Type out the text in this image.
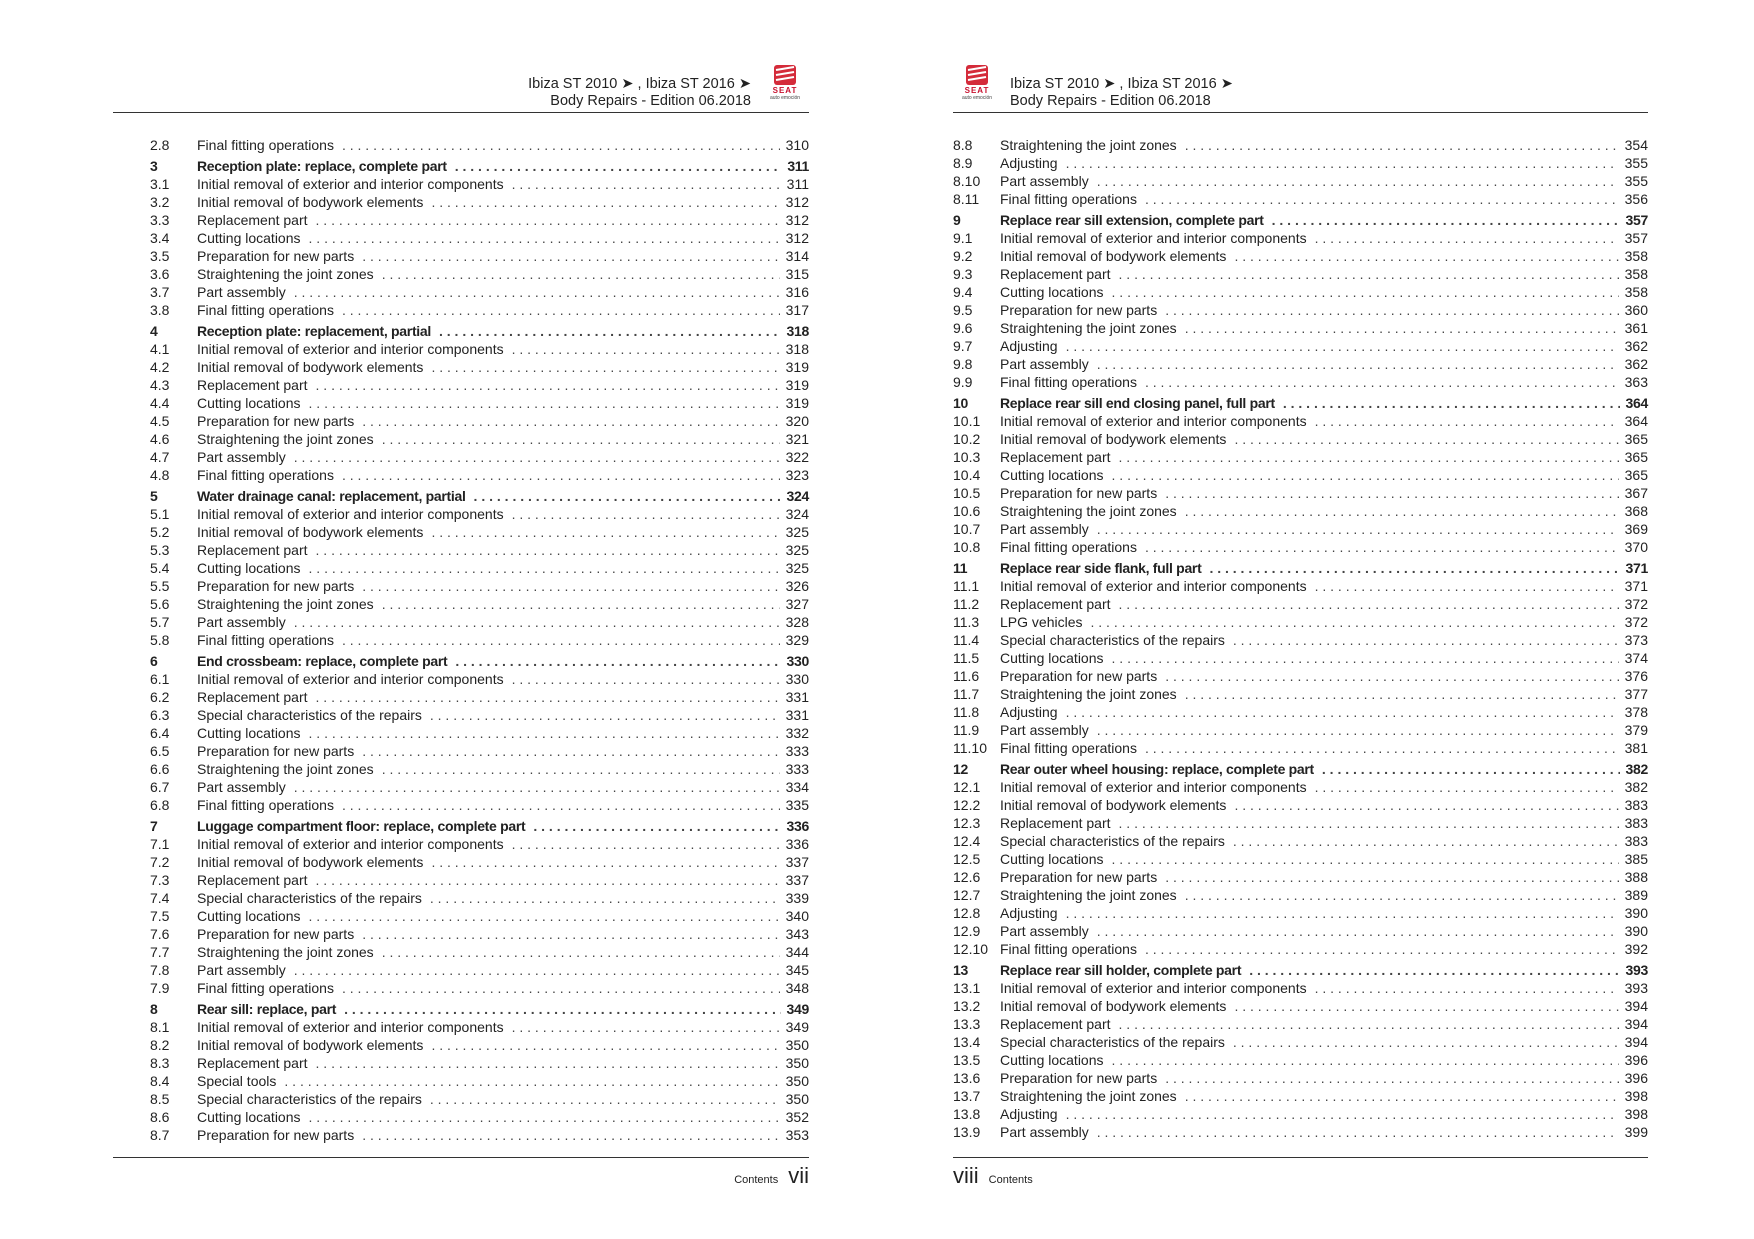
Ibiza ST 2010 ➤ , Ibiza ST 2016 ➤
Body Repairs - Edition 06.2018
SEAT
auto emoción
2.8	Final fitting operations . . .	310
3	Reception plate: replace, complete part . . .	311
3.1	Initial removal of exterior and interior components . . .	311
3.2	Initial removal of bodywork elements . . .	312
3.3	Replacement part . . .	312
3.4	Cutting locations . . .	312
3.5	Preparation for new parts . . .	314
3.6	Straightening the joint zones . . .	315
3.7	Part assembly . . .	316
3.8	Final fitting operations . . .	317
4	Reception plate: replacement, partial . . .	318
4.1	Initial removal of exterior and interior components . . .	318
4.2	Initial removal of bodywork elements . . .	319
4.3	Replacement part . . .	319
4.4	Cutting locations . . .	319
4.5	Preparation for new parts . . .	320
4.6	Straightening the joint zones . . .	321
4.7	Part assembly . . .	322
4.8	Final fitting operations . . .	323
5	Water drainage canal: replacement, partial . . .	324
5.1	Initial removal of exterior and interior components . . .	324
5.2	Initial removal of bodywork elements . . .	325
5.3	Replacement part . . .	325
5.4	Cutting locations . . .	325
5.5	Preparation for new parts . . .	326
5.6	Straightening the joint zones . . .	327
5.7	Part assembly . . .	328
5.8	Final fitting operations . . .	329
6	End crossbeam: replace, complete part . . .	330
6.1	Initial removal of exterior and interior components . . .	330
6.2	Replacement part . . .	331
6.3	Special characteristics of the repairs . . .	331
6.4	Cutting locations . . .	332
6.5	Preparation for new parts . . .	333
6.6	Straightening the joint zones . . .	333
6.7	Part assembly . . .	334
6.8	Final fitting operations . . .	335
7	Luggage compartment floor: replace, complete part . . .	336
7.1	Initial removal of exterior and interior components . . .	336
7.2	Initial removal of bodywork elements . . .	337
7.3	Replacement part . . .	337
7.4	Special characteristics of the repairs . . .	339
7.5	Cutting locations . . .	340
7.6	Preparation for new parts . . .	343
7.7	Straightening the joint zones . . .	344
7.8	Part assembly . . .	345
7.9	Final fitting operations . . .	348
8	Rear sill: replace, part . . .	349
8.1	Initial removal of exterior and interior components . . .	349
8.2	Initial removal of bodywork elements . . .	350
8.3	Replacement part . . .	350
8.4	Special tools . . .	350
8.5	Special characteristics of the repairs . . .	350
8.6	Cutting locations . . .	352
8.7	Preparation for new parts . . .	353
Contents vii
SEAT
auto emoción
Ibiza ST 2010 ➤ , Ibiza ST 2016 ➤
Body Repairs - Edition 06.2018
8.8	Straightening the joint zones . . .	354
8.9	Adjusting . . .	355
8.10	Part assembly . . .	355
8.11	Final fitting operations . . .	356
9	Replace rear sill extension, complete part . . .	357
9.1	Initial removal of exterior and interior components . . .	357
9.2	Initial removal of bodywork elements . . .	358
9.3	Replacement part . . .	358
9.4	Cutting locations . . .	358
9.5	Preparation for new parts . . .	360
9.6	Straightening the joint zones . . .	361
9.7	Adjusting . . .	362
9.8	Part assembly . . .	362
9.9	Final fitting operations . . .	363
10	Replace rear sill end closing panel, full part . . .	364
10.1	Initial removal of exterior and interior components . . .	364
10.2	Initial removal of bodywork elements . . .	365
10.3	Replacement part . . .	365
10.4	Cutting locations . . .	365
10.5	Preparation for new parts . . .	367
10.6	Straightening the joint zones . . .	368
10.7	Part assembly . . .	369
10.8	Final fitting operations . . .	370
11	Replace rear side flank, full part . . .	371
11.1	Initial removal of exterior and interior components . . .	371
11.2	Replacement part . . .	372
11.3	LPG vehicles . . .	372
11.4	Special characteristics of the repairs . . .	373
11.5	Cutting locations . . .	374
11.6	Preparation for new parts . . .	376
11.7	Straightening the joint zones . . .	377
11.8	Adjusting . . .	378
11.9	Part assembly . . .	379
11.10 Final fitting operations . . .	381
12	Rear outer wheel housing: replace, complete part . . .	382
12.1	Initial removal of exterior and interior components . . .	382
12.2	Initial removal of bodywork elements . . .	383
12.3	Replacement part . . .	383
12.4	Special characteristics of the repairs . . .	383
12.5	Cutting locations . . .	385
12.6	Preparation for new parts . . .	388
12.7	Straightening the joint zones . . .	389
12.8	Adjusting . . .	390
12.9	Part assembly . . .	390
12.10 Final fitting operations . . .	392
13	Replace rear sill holder, complete part . . .	393
13.1	Initial removal of exterior and interior components . . .	393
13.2	Initial removal of bodywork elements . . .	394
13.3	Replacement part . . .	394
13.4	Special characteristics of the repairs . . .	394
13.5	Cutting locations . . .	396
13.6	Preparation for new parts . . .	396
13.7	Straightening the joint zones . . .	398
13.8	Adjusting . . .	398
13.9	Part assembly . . .	399
Contents
viii
